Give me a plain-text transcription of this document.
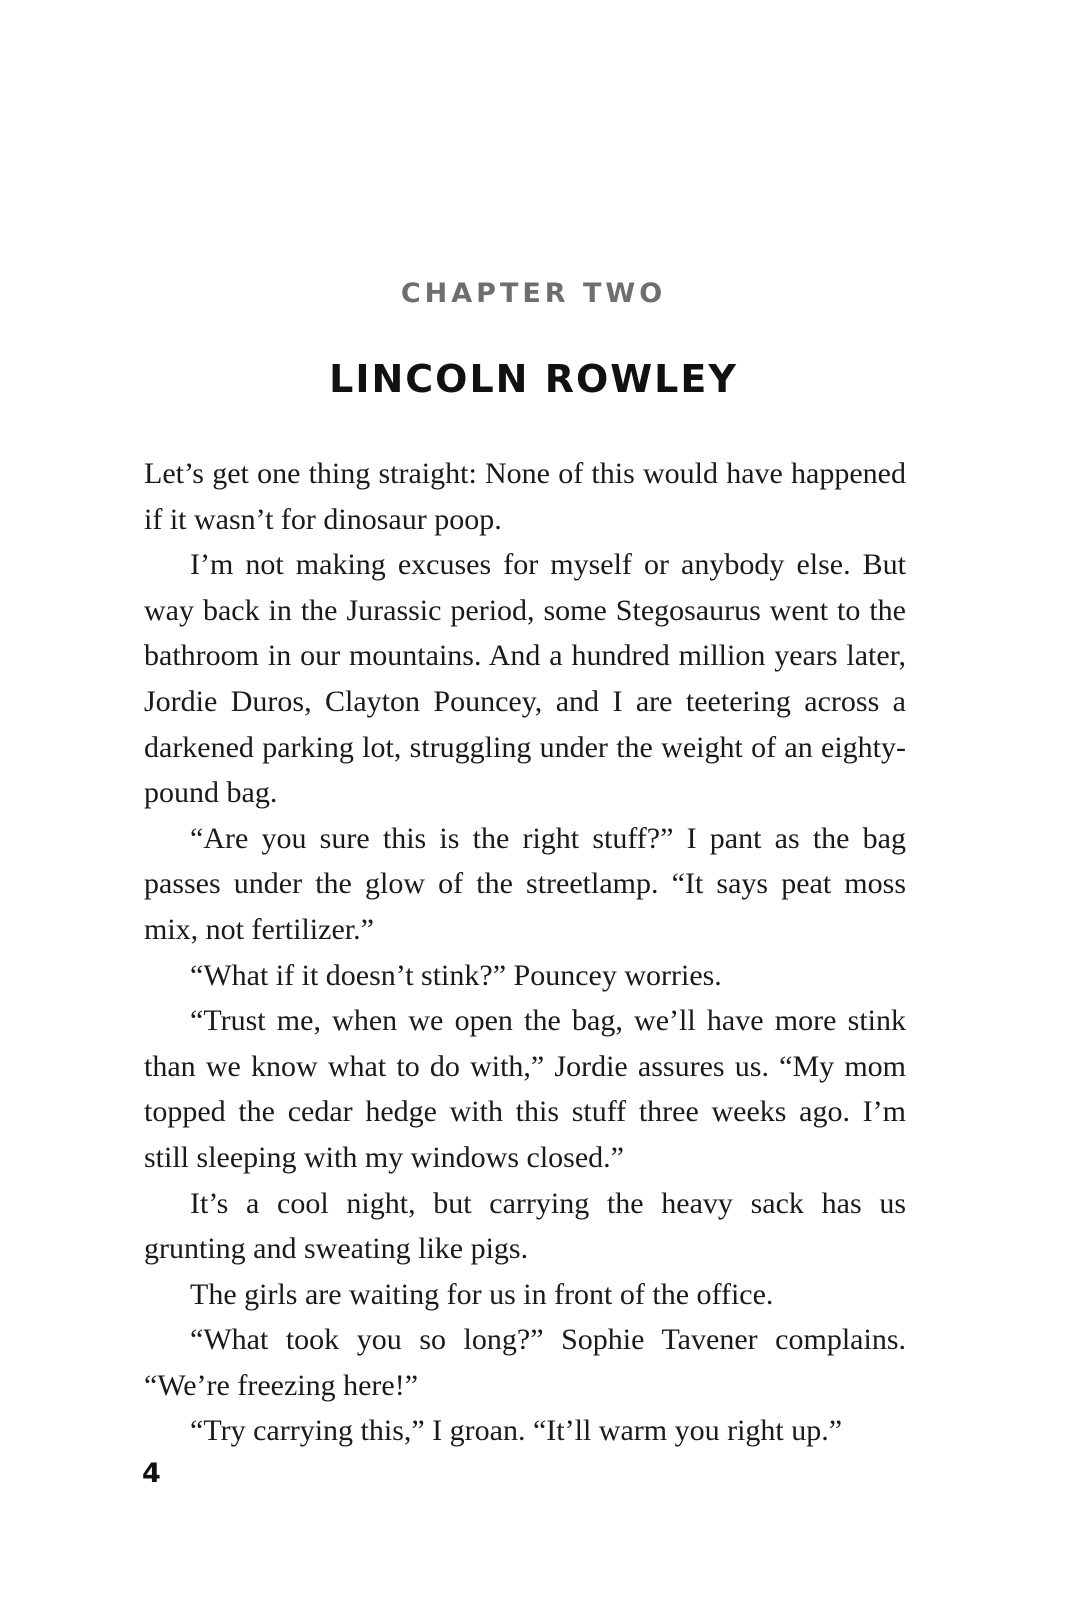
CHAPTER TWO
LINCOLN ROWLEY

Let’s get one thing straight: None of this would have happened if it wasn’t for dinosaur poop.

I’m not making excuses for myself or anybody else. But way back in the Jurassic period, some Stegosaurus went to the bathroom in our mountains. And a hundred million years later, Jordie Duros, Clayton Pouncey, and I are teetering across a darkened parking lot, struggling under the weight of an eighty-pound bag.

“Are you sure this is the right stuff?” I pant as the bag passes under the glow of the streetlamp. “It says peat moss mix, not fertilizer.”

“What if it doesn’t stink?” Pouncey worries.

“Trust me, when we open the bag, we’ll have more stink than we know what to do with,” Jordie assures us. “My mom topped the cedar hedge with this stuff three weeks ago. I’m still sleeping with my windows closed.”

It’s a cool night, but carrying the heavy sack has us grunting and sweating like pigs.

The girls are waiting for us in front of the office.

“What took you so long?” Sophie Tavener complains. “We’re freezing here!”

“Try carrying this,” I groan. “It’ll warm you right up.”

4
